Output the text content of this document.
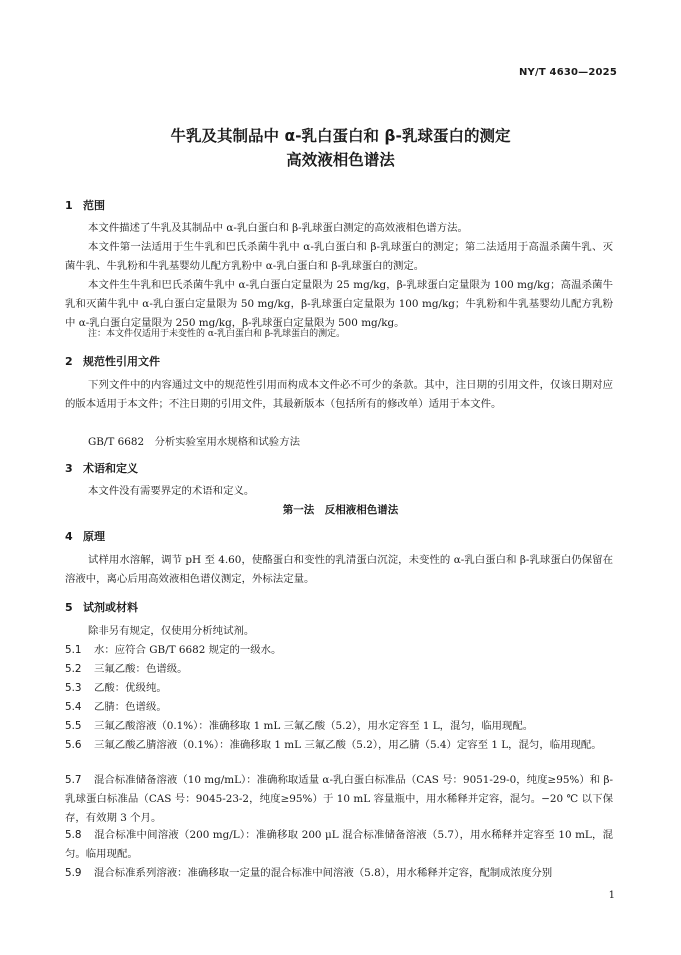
NY/T 4630—2025
牛乳及其制品中 α-乳白蛋白和 β-乳球蛋白的测定
高效液相色谱法
1 范围
本文件描述了牛乳及其制品中 α-乳白蛋白和 β-乳球蛋白测定的高效液相色谱方法。
本文件第一法适用于生牛乳和巴氏杀菌牛乳中 α-乳白蛋白和 β-乳球蛋白的测定；第二法适用于高温杀菌牛乳、灭菌牛乳、牛乳粉和牛乳基婴幼儿配方乳粉中 α-乳白蛋白和 β-乳球蛋白的测定。
本文件生牛乳和巴氏杀菌牛乳中 α-乳白蛋白定量限为 25 mg/kg，β-乳球蛋白定量限为 100 mg/kg；高温杀菌牛乳和灭菌牛乳中 α-乳白蛋白定量限为 50 mg/kg，β-乳球蛋白定量限为 100 mg/kg；牛乳粉和牛乳基婴幼儿配方乳粉中 α-乳白蛋白定量限为 250 mg/kg，β-乳球蛋白定量限为 500 mg/kg。
注：本文件仅适用于未变性的 α-乳白蛋白和 β-乳球蛋白的测定。
2 规范性引用文件
下列文件中的内容通过文中的规范性引用而构成本文件必不可少的条款。其中，注日期的引用文件，仅该日期对应的版本适用于本文件；不注日期的引用文件，其最新版本（包括所有的修改单）适用于本文件。
GB/T 6682　分析实验室用水规格和试验方法
3 术语和定义
本文件没有需要界定的术语和定义。
第一法　反相液相色谱法
4 原理
试样用水溶解，调节 pH 至 4.60，使酪蛋白和变性的乳清蛋白沉淀，未变性的 α-乳白蛋白和 β-乳球蛋白仍保留在溶液中，离心后用高效液相色谱仪测定，外标法定量。
5 试剂或材料
除非另有规定，仅使用分析纯试剂。
5.1 水：应符合 GB/T 6682 规定的一级水。
5.2 三氟乙酸：色谱级。
5.3 乙酸：优级纯。
5.4 乙腈：色谱级。
5.5 三氟乙酸溶液（0.1%）：准确移取 1 mL 三氟乙酸（5.2），用水定容至 1 L，混匀，临用现配。
5.6 三氟乙酸乙腈溶液（0.1%）：准确移取 1 mL 三氟乙酸（5.2），用乙腈（5.4）定容至 1 L，混匀，临用现配。
5.7 混合标准储备溶液（10 mg/mL）：准确称取适量 α-乳白蛋白标准品（CAS 号：9051-29-0，纯度≥95%）和 β-乳球蛋白标准品（CAS 号：9045-23-2，纯度≥95%）于 10 mL 容量瓶中，用水稀释并定容，混匀。−20 ℃ 以下保存，有效期 3 个月。
5.8 混合标准中间溶液（200 mg/L）：准确移取 200 μL 混合标准储备溶液（5.7），用水稀释并定容至 10 mL，混匀。临用现配。
5.9 混合标准系列溶液：准确移取一定量的混合标准中间溶液（5.8），用水稀释并定容，配制成浓度分别
1
